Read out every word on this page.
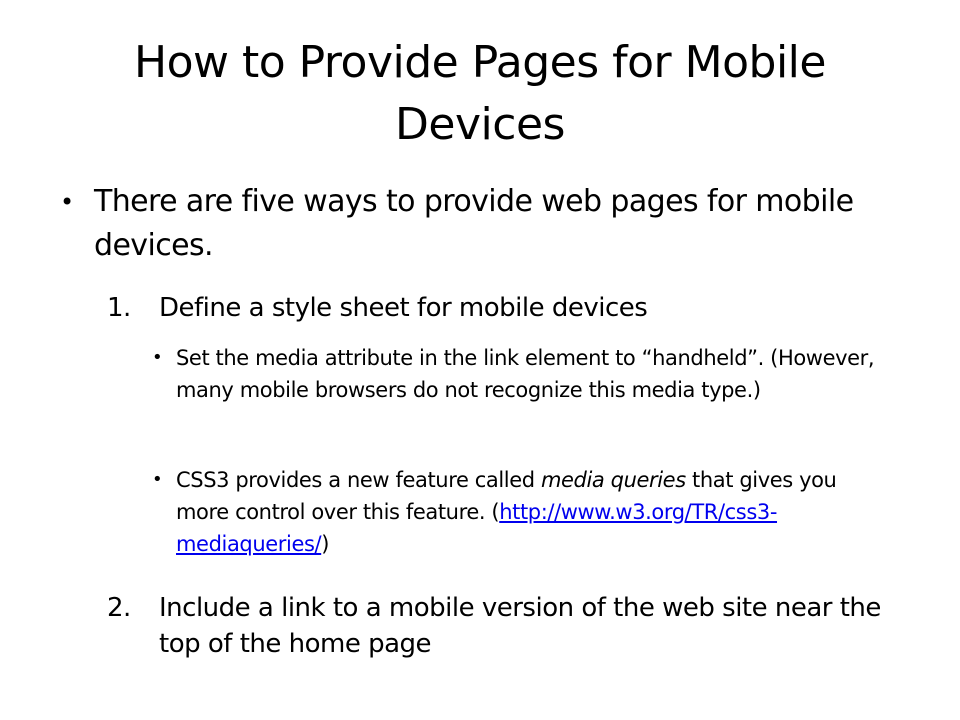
How to Provide Pages for Mobile Devices
• There are five ways to provide web pages for mobile devices.
1.	Define a style sheet for mobile devices
• Set the media attribute in the link element to “handheld”. (However, many mobile browsers do not recognize this media type.)
• CSS3 provides a new feature called media queries that gives you more control over this feature. (http://www.w3.org/TR/css3-mediaqueries/)
2.	Include a link to a mobile version of the web site near the top of the home page
